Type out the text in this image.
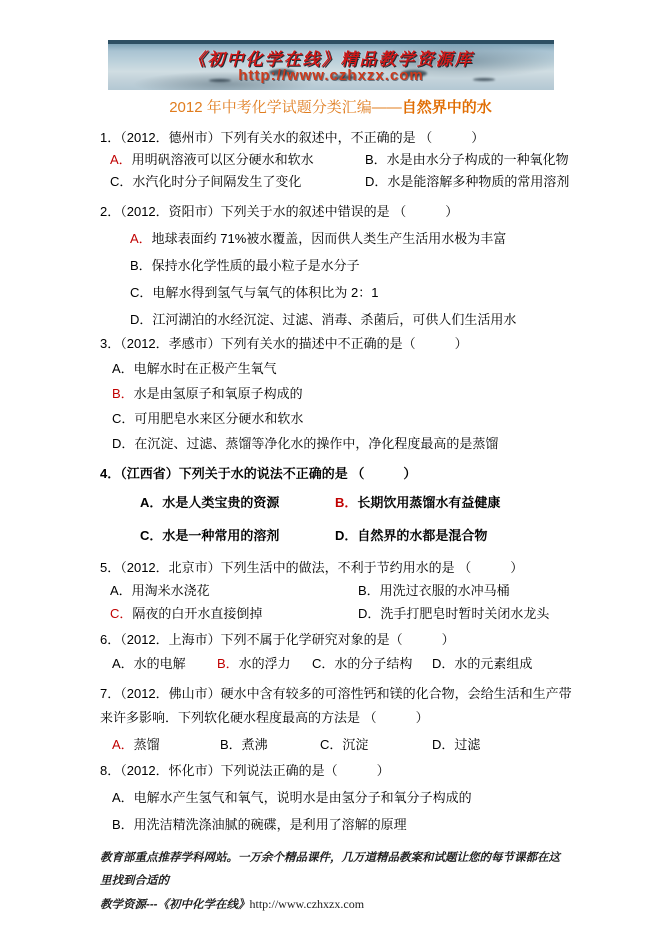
《初中化学在线》精品教学资源库
http://www.czhxzx.com
2012 年中考化学试题分类汇编——自然界中的水
1．（2012．德州市）下列有关水的叙述中，不正确的是 （　　　）
A．用明矾溶液可以区分硬水和软水	B．水是由水分子构成的一种氧化物
C．水汽化时分子间隔发生了变化	D．水是能溶解多种物质的常用溶剂
2．（2012．资阳市）下列关于水的叙述中错误的是 （　　　）
A．地球表面约 71%被水覆盖，因而供人类生产生活用水极为丰富
B．保持水化学性质的最小粒子是水分子
C．电解水得到氢气与氧气的体积比为 2：1
D．江河湖泊的水经沉淀、过滤、消毒、杀菌后，可供人们生活用水
3．（2012．孝感市）下列有关水的描述中不正确的是（　　　）
A．电解水时在正极产生氧气
B．水是由氢原子和氧原子构成的
C．可用肥皂水来区分硬水和软水
D．在沉淀、过滤、蒸馏等净化水的操作中，净化程度最高的是蒸馏
4．（江西省）下列关于水的说法不正确的是 （　　　）
A．水是人类宝贵的资源	B．长期饮用蒸馏水有益健康
C．水是一种常用的溶剂	D．自然界的水都是混合物
5．（2012．北京市）下列生活中的做法，不利于节约用水的是 （　　　）
A．用淘米水浇花	B．用洗过衣服的水冲马桶
C．隔夜的白开水直接倒掉	D．洗手打肥皂时暂时关闭水龙头
6．（2012．上海市）下列不属于化学研究对象的是（　　　）
A．水的电解	B．水的浮力	C．水的分子结构	D．水的元素组成
7．（2012．佛山市）硬水中含有较多的可溶性钙和镁的化合物，会给生活和生产带来许多影响．下列软化硬水程度最高的方法是 （　　　）
A．蒸馏	B．煮沸	C．沉淀	D．过滤
8．（2012．怀化市）下列说法正确的是（　　　）
A．电解水产生氢气和氧气，说明水是由氢分子和氧分子构成的
B．用洗洁精洗涤油腻的碗碟，是利用了溶解的原理
教育部重点推荐学科网站。一万余个精品课件，几万道精品教案和试题让您的每节课都在这里找到合适的
教学资源---《初中化学在线》http://www.czhxzx.com
